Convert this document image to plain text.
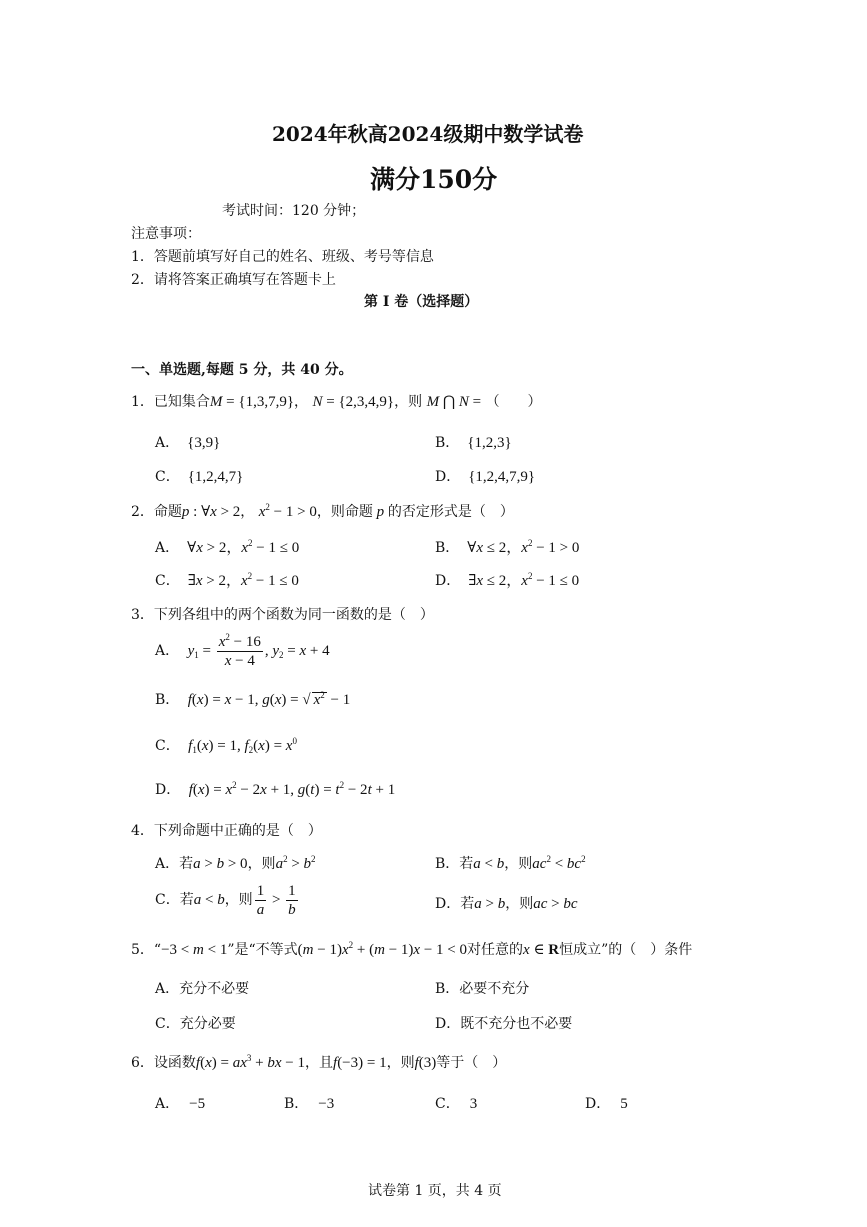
2024年秋高2024级期中数学试卷
满分150分
考试时间：120 分钟；
注意事项：
1．答题前填写好自己的姓名、班级、考号等信息
2．请将答案正确填写在答题卡上
第 I 卷（选择题）
一、单选题,每题 5 分，共 40 分。
1．已知集合M = {1,3,7,9}， N = {2,3,4,9}，则 M ⋂ N = （　　）
A． {3,9}	B． {1,2,3}
C． {1,2,4,7}	D． {1,2,4,7,9}
2．命题p : ∀x > 2， $x^2 - 1 > 0$，则命题 p 的否定形式是（　）
A． ∀x > 2，$x^2 - 1 \le 0$	B． ∀x ≤ 2，$x^2 - 1 > 0$
C． ∃x > 2，$x^2 - 1 \le 0$	D． ∃x ≤ 2，$x^2 - 1 \le 0$
3．下列各组中的两个函数为同一函数的是（　）
A． $y_1 = \frac{x^2 - 16}{x - 4}$ , $y_2 = x + 4$
B． f(x) = x − 1, g(x) = √ $x^2 - 1$
C． $f_1(x) = 1$, $f_2(x) = x^0$
D． $f(x) = x^2 - 2x + 1$, $g(t) = t^2 - 2t + 1$
4．下列命题中正确的是（　）
A．若a > b > 0，则$a^2 > b^2$	B．若a < b，则$ac^2 < bc^2$
C．若a < b，则 $\frac{1}{a} > \frac{1}{b}$	D．若a > b，则ac > bc
5．“−3 < m < 1”是“不等式$(m - 1)x^2 + (m - 1)x - 1 < 0$对任意的x ∈ R恒成立”的（　）条件
A．充分不必要	B．必要不充分
C．充分必要	D．既不充分也不必要
6．设函数$f(x) = ax^3$ + bx − 1，且f(−3) = 1，则f(3)等于（　）
A． −5	B． −3	C． 3	D． 5
试卷第 1 页，共 4 页
